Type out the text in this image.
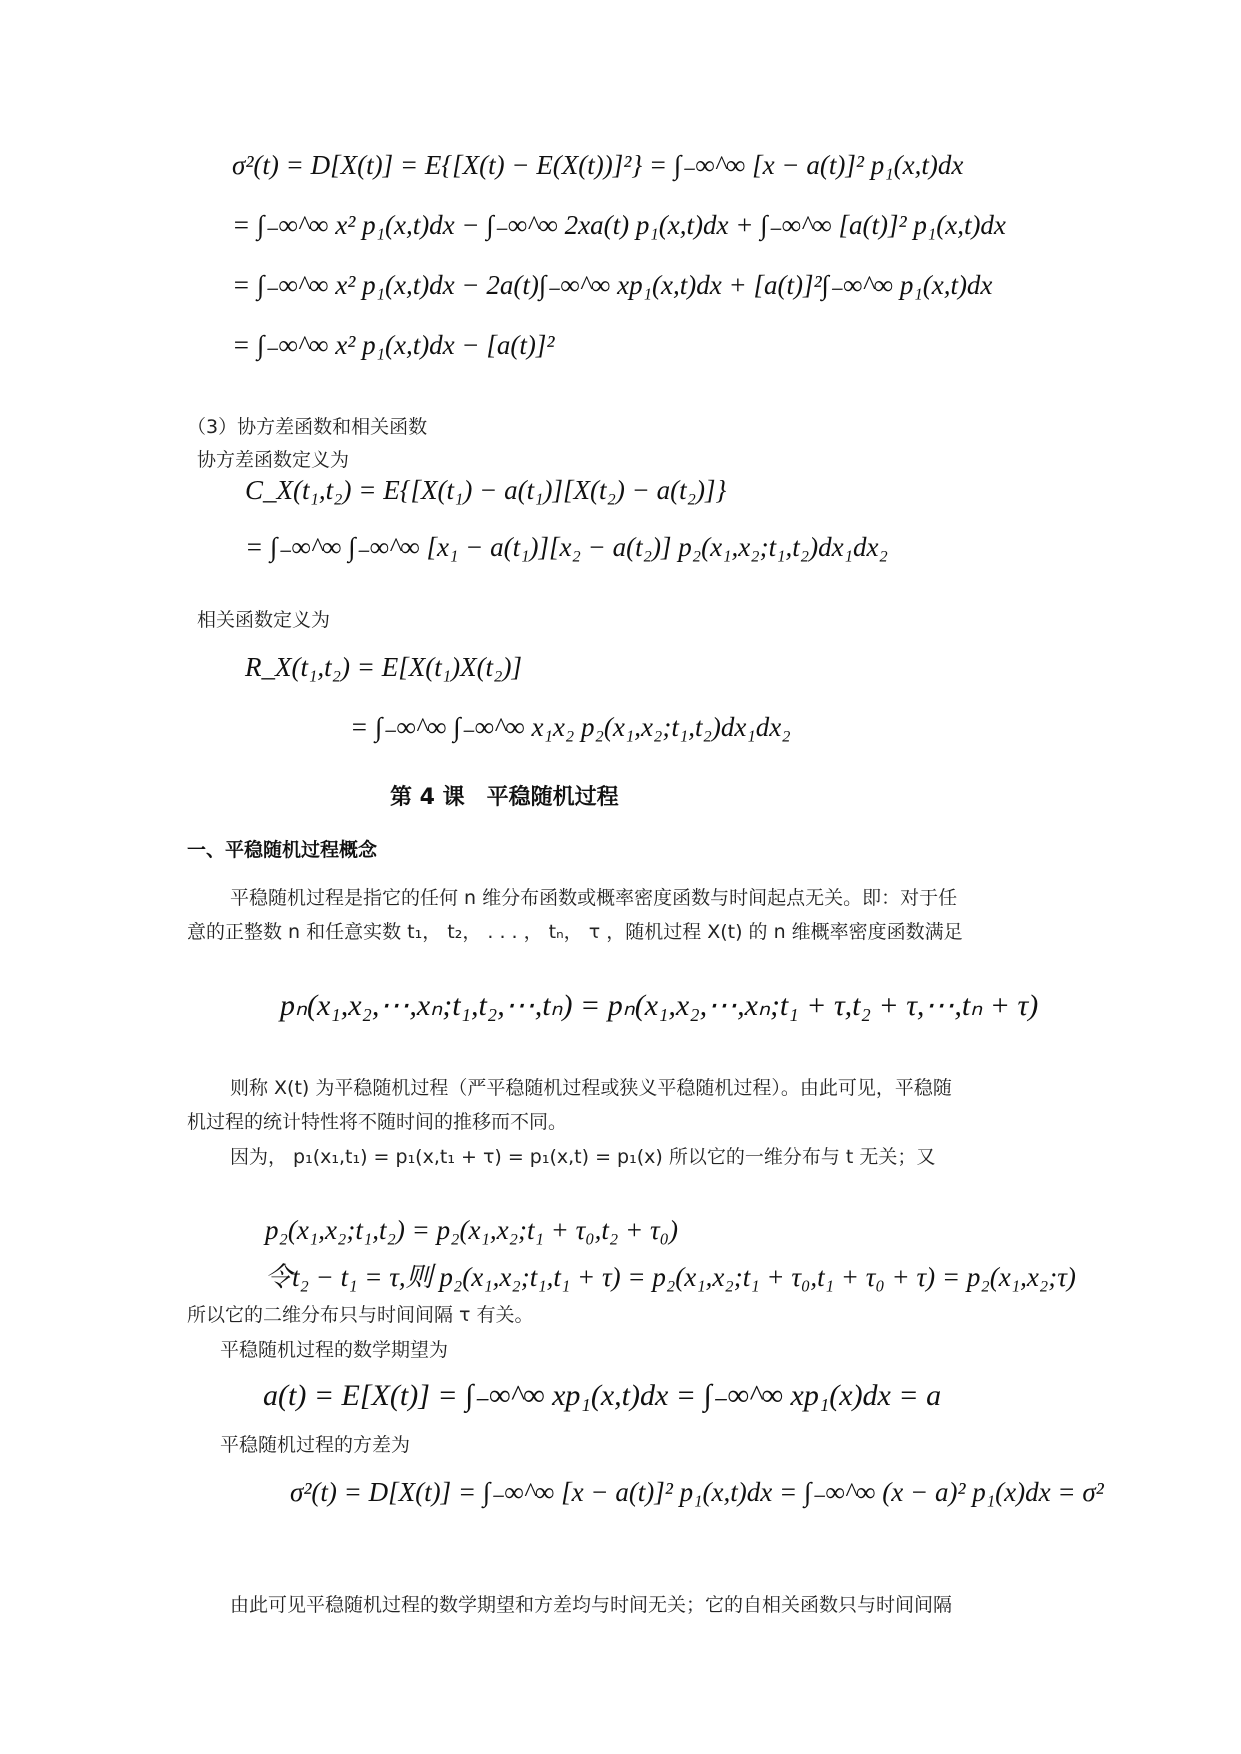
σ²(t) = D[X(t)] = E{[X(t) − E(X(t))]²} = ∫₋∞^∞ [x − a(t)]² p₁(x,t)dx
= ∫₋∞^∞ x² p₁(x,t)dx − ∫₋∞^∞ 2xa(t) p₁(x,t)dx + ∫₋∞^∞ [a(t)]² p₁(x,t)dx
= ∫₋∞^∞ x² p₁(x,t)dx − 2a(t)∫₋∞^∞ xp₁(x,t)dx + [a(t)]²∫₋∞^∞ p₁(x,t)dx
= ∫₋∞^∞ x² p₁(x,t)dx − [a(t)]²
（3）协方差函数和相关函数
协方差函数定义为
C_X(t₁,t₂) = E{[X(t₁) − a(t₁)][X(t₂) − a(t₂)]}
= ∫₋∞^∞ ∫₋∞^∞ [x₁ − a(t₁)][x₂ − a(t₂)] p₂(x₁,x₂;t₁,t₂)dx₁dx₂
相关函数定义为
R_X(t₁,t₂) = E[X(t₁)X(t₂)]
= ∫₋∞^∞ ∫₋∞^∞ x₁x₂ p₂(x₁,x₂;t₁,t₂)dx₁dx₂
第 4 课　平稳随机过程
一、平稳随机过程概念
平稳随机过程是指它的任何 n 维分布函数或概率密度函数与时间起点无关。即：对于任
意的正整数 n 和任意实数 t₁， t₂， . . . ， tₙ， τ ，随机过程 X(t) 的 n 维概率密度函数满足
pₙ(x₁,x₂,⋯,xₙ;t₁,t₂,⋯,tₙ) = pₙ(x₁,x₂,⋯,xₙ;t₁ + τ,t₂ + τ,⋯,tₙ + τ)
则称 X(t) 为平稳随机过程（严平稳随机过程或狭义平稳随机过程）。由此可见，平稳随
机过程的统计特性将不随时间的推移而不同。
因为， p₁(x₁,t₁) = p₁(x,t₁ + τ) = p₁(x,t) = p₁(x) 所以它的一维分布与 t 无关；又
p₂(x₁,x₂;t₁,t₂) = p₂(x₁,x₂;t₁ + τ₀,t₂ + τ₀)
令t₂ − t₁ = τ,则 p₂(x₁,x₂;t₁,t₁ + τ) = p₂(x₁,x₂;t₁ + τ₀,t₁ + τ₀ + τ) = p₂(x₁,x₂;τ)
所以它的二维分布只与时间间隔 τ 有关。
平稳随机过程的数学期望为
a(t) = E[X(t)] = ∫₋∞^∞ xp₁(x,t)dx = ∫₋∞^∞ xp₁(x)dx = a
平稳随机过程的方差为
σ²(t) = D[X(t)] = ∫₋∞^∞ [x − a(t)]² p₁(x,t)dx = ∫₋∞^∞ (x − a)² p₁(x)dx = σ²
由此可见平稳随机过程的数学期望和方差均与时间无关；它的自相关函数只与时间间隔
